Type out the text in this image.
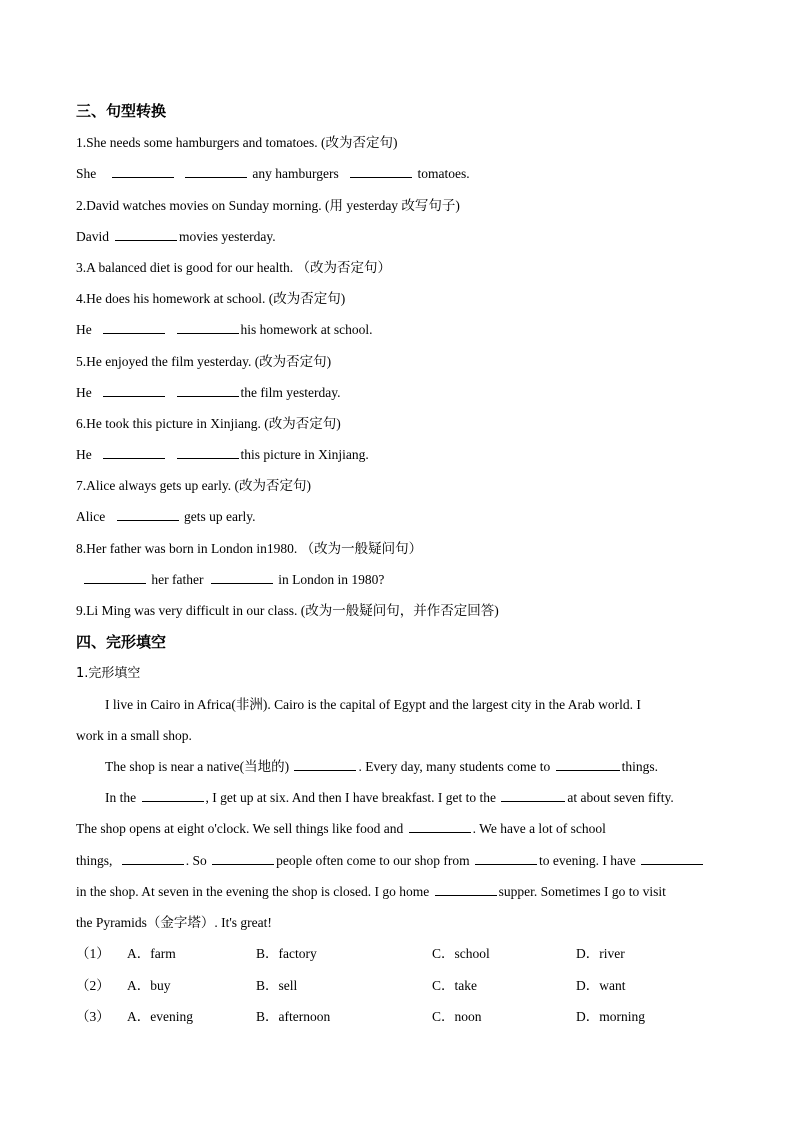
三、句型转换
1.She needs some hamburgers and tomatoes. (改为否定句)
She	any hamburgers	tomatoes.
2.David watches movies on Sunday morning. (用 yesterday 改写句子)
David	movies yesterday.
3.A balanced diet is good for our health. （改为否定句）
4.He does his homework at school. (改为否定句)
He	his homework at school.
5.He enjoyed the film yesterday. (改为否定句)
He	the film yesterday.
6.He took this picture in Xinjiang. (改为否定句)
He	this picture in Xinjiang.
7.Alice always gets up early. (改为否定句)
Alice	gets up early.
8.Her father was born in London in1980. （改为一般疑问句）
her father	in London in 1980?
9.Li Ming was very difficult in our class. (改为一般疑问句，并作否定回答)
四、完形填空
1.完形填空
I live in Cairo in Africa(非洲). Cairo is the capital of Egypt and the largest city in the Arab world. I
work in a small shop.
The shop is near a native(当地的)	. Every day, many students come to	things.
In the	, I get up at six. And then I have breakfast. I get to the	at about seven fifty.
The shop opens at eight o'clock. We sell things like food and	. We have a lot of school
things,	. So	people often come to our shop from	to evening. I have
in the shop. At seven in the evening the shop is closed. I go home	supper. Sometimes I go to visit
the Pyramids（金字塔）. It's great!
（1） A．farm	B．factory	C．school	D．river
（2） A．buy	B．sell	C．take	D．want
（3） A．evening	B．afternoon	C．noon	D．morning
